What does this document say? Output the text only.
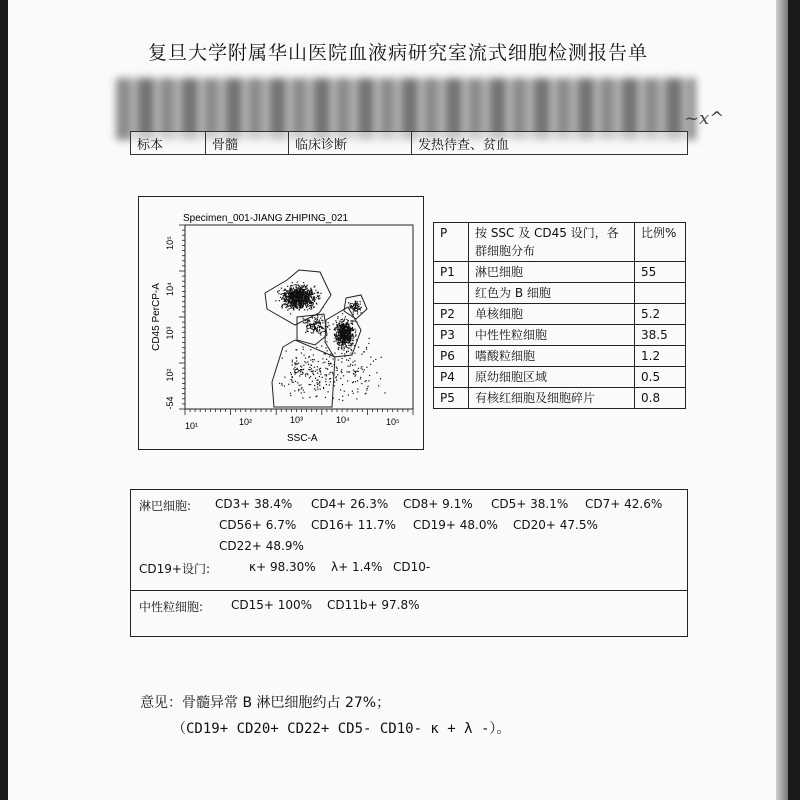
复旦大学附属华山医院血液病研究室流式细胞检测报告单
标本	骨髓	临床诊断	发热待查、贫血
~x^
Specimen_001-JIANG ZHIPING_021
P1
P4	P3
P6
P5
10¹	10²	10³	10⁴	10⁵
SSC-A
10⁵
10⁴
10³
10²
-54
CD45 PerCP-A
P	按 SSC 及 CD45 设门，各群细胞分布	比例%
P1	淋巴细胞	55
	红色为 B 细胞	
P2	单核细胞	5.2
P3	中性性粒细胞	38.5
P6	嗜酸粒细胞	1.2
P4	原幼细胞区域	0.5
P5	有核红细胞及细胞碎片	0.8
淋巴细胞: CD3+ 38.4% CD4+ 26.3% CD8+ 9.1% CD5+ 38.1% CD7+ 42.6%
CD56+ 6.7% CD16+ 11.7% CD19+ 48.0% CD20+ 47.5%
CD22+ 48.9%
CD19+设门:	κ+ 98.30% λ+ 1.4% CD10-
中性粒细胞: CD15+ 100% CD11b+ 97.8%
意见：骨髓异常 B 淋巴细胞约占 27%；
（CD19+ CD20+ CD22+ CD5- CD10- κ + λ -）。
